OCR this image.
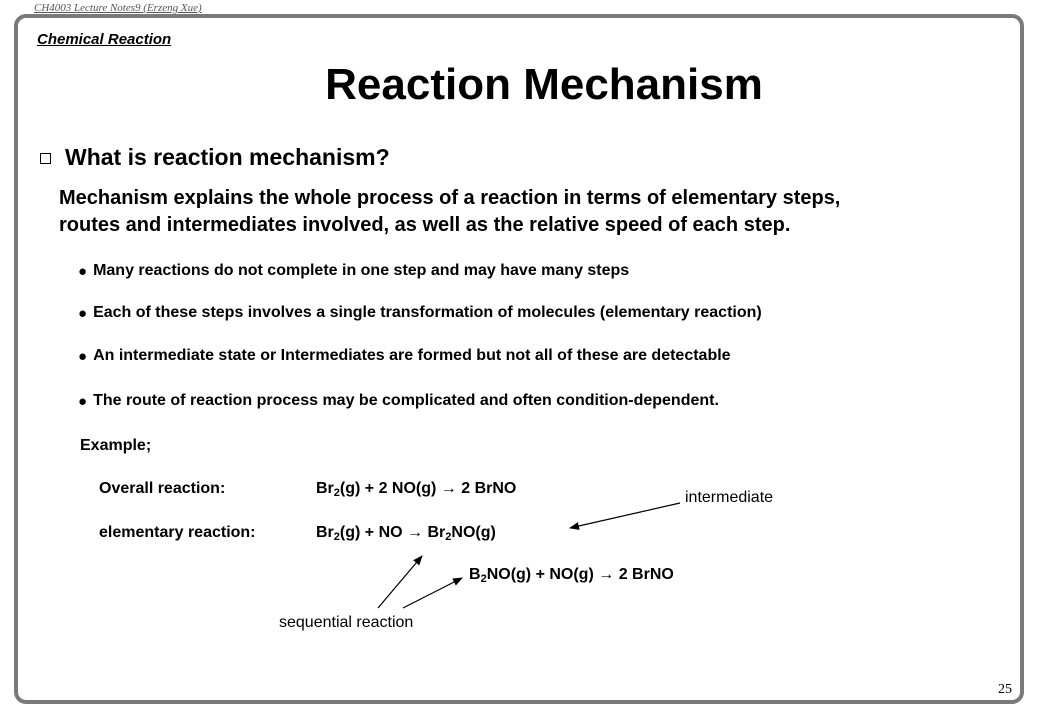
CH4003 Lecture Notes9 (Erzeng Xue)
Chemical Reaction
Reaction Mechanism
What is reaction mechanism?
Mechanism explains the whole process of a reaction in terms of elementary steps,
routes and intermediates involved, as well as the relative speed of each step.
● Many reactions do not complete in one step and may have many steps
● Each of these steps involves a single transformation of molecules (elementary reaction)
● An intermediate state or Intermediates are formed but not all of these are detectable
● The route of reaction process may be complicated and often condition-dependent.
Example;
Overall reaction:	$Br_2(g) + 2$ NO(g) → 2 BrNO
elementary reaction:	$Br_2(g)$ + NO → $Br_2NO(g)$
$B_2NO(g) + NO(g) \to 2$ BrNO
intermediate
sequential reaction
25
